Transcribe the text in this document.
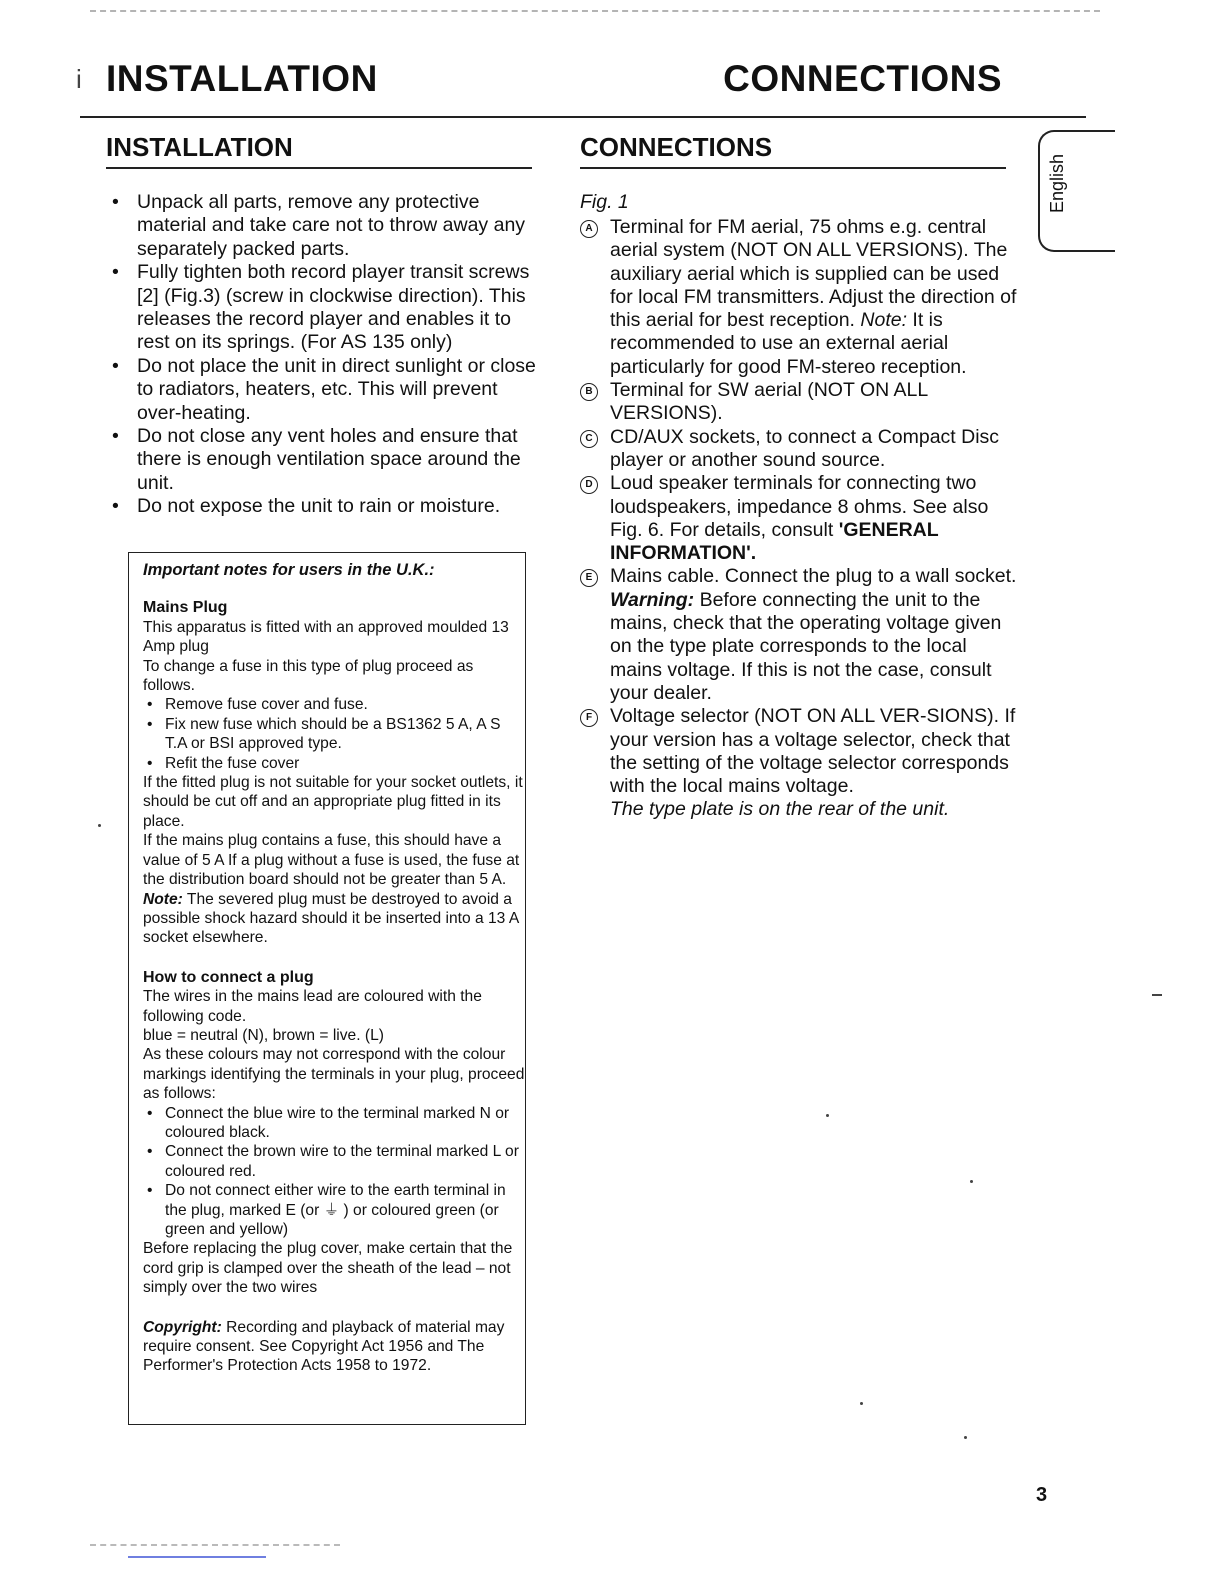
i INSTALLATION	CONNECTIONS
English
INSTALLATION
• Unpack all parts, remove any protective material and take care not to throw away any separately packed parts.
• Fully tighten both record player transit screws [2] (Fig.3) (screw in clockwise direction). This releases the record player and enables it to rest on its springs. (For AS 135 only)
• Do not place the unit in direct sunlight or close to radiators, heaters, etc. This will prevent over-heating.
• Do not close any vent holes and ensure that there is enough ventilation space around the unit.
• Do not expose the unit to rain or moisture.
Important notes for users in the U.K.:
Mains Plug

This apparatus is fitted with an approved moulded 13 Amp plug

To change a fuse in this type of plug proceed as follows.

• Remove fuse cover and fuse.
• Fix new fuse which should be a BS1362 5 A, A S T.A or BSI approved type.
• Refit the fuse cover

If the fitted plug is not suitable for your socket outlets, it should be cut off and an appropriate plug fitted in its place.

If the mains plug contains a fuse, this should have a value of 5 A If a plug without a fuse is used, the fuse at the distribution board should not be greater than 5 A.

Note: The severed plug must be destroyed to avoid a possible shock hazard should it be inserted into a 13 A socket elsewhere.

How to connect a plug

The wires in the mains lead are coloured with the following code.

blue = neutral (N), brown = live. (L)

As these colours may not correspond with the colour markings identifying the terminals in your plug, proceed as follows:

• Connect the blue wire to the terminal marked N or coloured black.
• Connect the brown wire to the terminal marked L or coloured red.
• Do not connect either wire to the earth terminal in the plug, marked E (or ⏚ ) or coloured green (or green and yellow)

Before replacing the plug cover, make certain that the cord grip is clamped over the sheath of the lead – not simply over the two wires

Copyright: Recording and playback of material may require consent. See Copyright Act 1956 and The Performer's Protection Acts 1958 to 1972.

CONNECTIONS
Fig. 1
A Terminal for FM aerial, 75 ohms e.g. central aerial system (NOT ON ALL VERSIONS). The auxiliary aerial which is supplied can be used for local FM transmitters. Adjust the direction of this aerial for best reception. Note: It is recommended to use an external aerial particularly for good FM-stereo reception.
B Terminal for SW aerial (NOT ON ALL VERSIONS).
C CD/AUX sockets, to connect a Compact Disc player or another sound source.
D Loud speaker terminals for connecting two loudspeakers, impedance 8 ohms. See also Fig. 6. For details, consult 'GENERAL INFORMATION'.
E Mains cable. Connect the plug to a wall socket. Warning: Before connecting the unit to the mains, check that the operating voltage given on the type plate corresponds to the local mains voltage. If this is not the case, consult your dealer.
F Voltage selector (NOT ON ALL VER-SIONS). If your version has a voltage selector, check that the setting of the voltage selector corresponds with the local mains voltage.
The type plate is on the rear of the unit.
3
